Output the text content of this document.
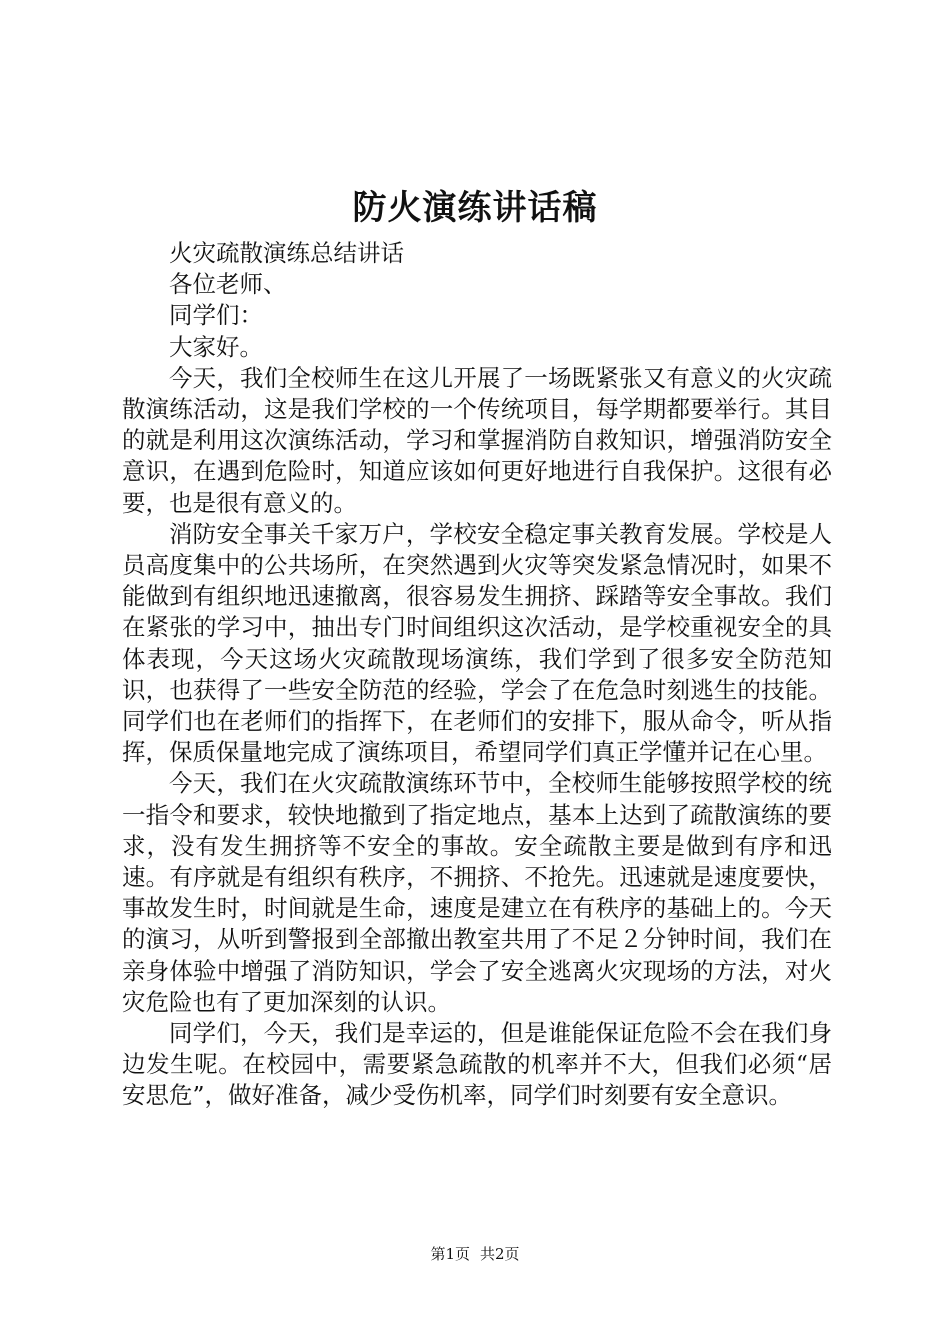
防火演练讲话稿

火灾疏散演练总结讲话

各位老师、

同学们：

大家好。

今天，我们全校师生在这儿开展了一场既紧张又有意义的火灾疏散演练活动，这是我们学校的一个传统项目，每学期都要举行。其目的就是利用这次演练活动，学习和掌握消防自救知识，增强消防安全意识，在遇到危险时，知道应该如何更好地进行自我保护。这很有必要，也是很有意义的。

消防安全事关千家万户，学校安全稳定事关教育发展。学校是人员高度集中的公共场所，在突然遇到火灾等突发紧急情况时，如果不能做到有组织地迅速撤离，很容易发生拥挤、踩踏等安全事故。我们在紧张的学习中，抽出专门时间组织这次活动，是学校重视安全的具体表现，今天这场火灾疏散现场演练，我们学到了很多安全防范知识，也获得了一些安全防范的经验，学会了在危急时刻逃生的技能。同学们也在老师们的指挥下，在老师们的安排下，服从命令，听从指挥，保质保量地完成了演练项目，希望同学们真正学懂并记在心里。

今天，我们在火灾疏散演练环节中，全校师生能够按照学校的统一指令和要求，较快地撤到了指定地点，基本上达到了疏散演练的要求，没有发生拥挤等不安全的事故。安全疏散主要是做到有序和迅速。有序就是有组织有秩序，不拥挤、不抢先。迅速就是速度要快，事故发生时，时间就是生命，速度是建立在有秩序的基础上的。今天的演习，从听到警报到全部撤出教室共用了不足２分钟时间，我们在亲身体验中增强了消防知识，学会了安全逃离火灾现场的方法，对火灾危险也有了更加深刻的认识。

同学们，今天，我们是幸运的，但是谁能保证危险不会在我们身边发生呢。在校园中，需要紧急疏散的机率并不大，但我们必须“居安思危”，做好准备，减少受伤机率，同学们时刻要有安全意识。

第1页 共2页
